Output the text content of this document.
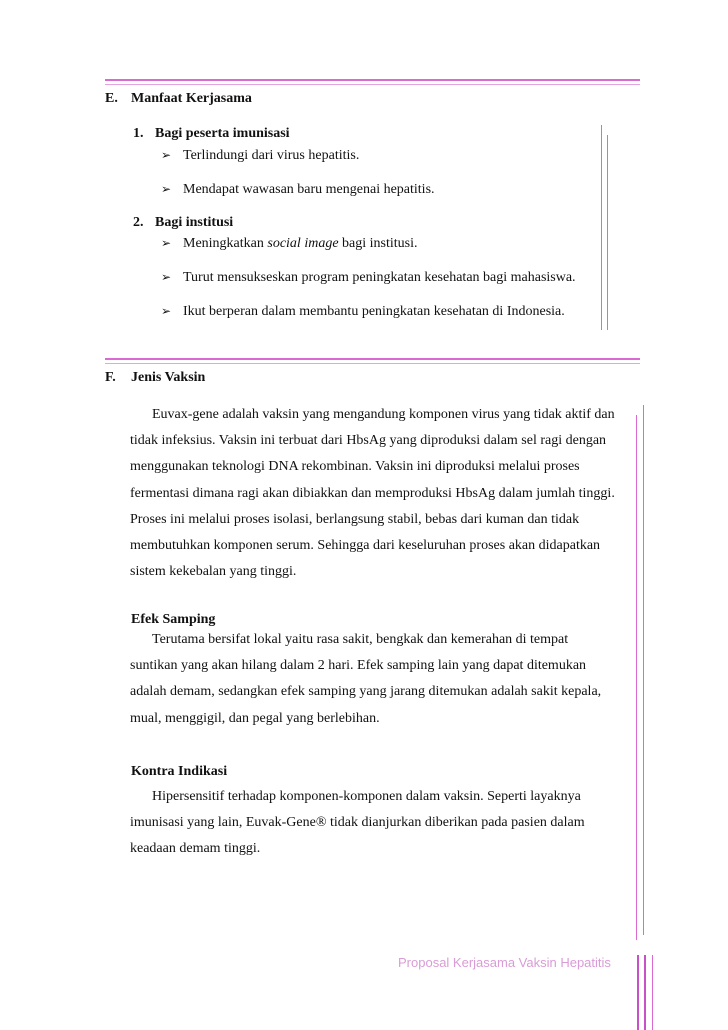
E. Manfaat Kerjasama
1. Bagi peserta imunisasi
➢ Terlindungi dari virus hepatitis.
➢ Mendapat wawasan baru mengenai hepatitis.
2. Bagi institusi
➢ Meningkatkan social image bagi institusi.
➢ Turut mensukseskan program peningkatan kesehatan bagi mahasiswa.
➢ Ikut berperan dalam membantu peningkatan kesehatan di Indonesia.
F. Jenis Vaksin
Euvax-gene adalah vaksin yang mengandung komponen virus yang tidak aktif dan
tidak infeksius. Vaksin ini terbuat dari HbsAg yang diproduksi dalam sel ragi dengan
menggunakan teknologi DNA rekombinan. Vaksin ini diproduksi melalui proses
fermentasi dimana ragi akan dibiakkan dan memproduksi HbsAg dalam jumlah tinggi.
Proses ini melalui proses isolasi, berlangsung stabil, bebas dari kuman dan tidak
membutuhkan komponen serum. Sehingga dari keseluruhan proses akan didapatkan
sistem kekebalan yang tinggi.
Efek Samping
Terutama bersifat lokal yaitu rasa sakit, bengkak dan kemerahan di tempat
suntikan yang akan hilang dalam 2 hari. Efek samping lain yang dapat ditemukan
adalah demam, sedangkan efek samping yang jarang ditemukan adalah sakit kepala,
mual, menggigil, dan pegal yang berlebihan.
Kontra Indikasi
Hipersensitif terhadap komponen-komponen dalam vaksin. Seperti layaknya
imunisasi yang lain, Euvak-Gene® tidak dianjurkan diberikan pada pasien dalam
keadaan demam tinggi.
Proposal Kerjasama Vaksin Hepatitis
